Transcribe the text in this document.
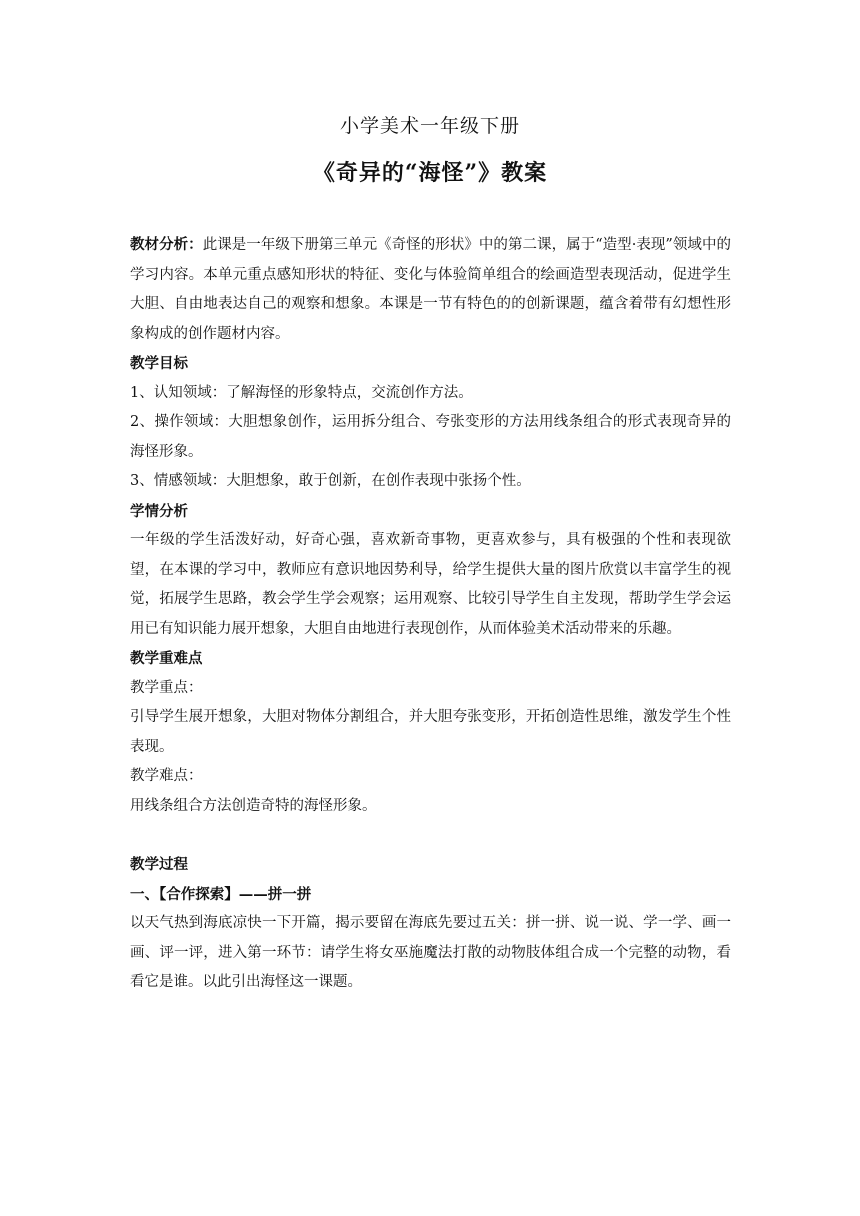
小学美术一年级下册
《奇异的“海怪”》教案

教材分析：此课是一年级下册第三单元《奇怪的形状》中的第二课，属于“造型·表现”领域中的学习内容。本单元重点感知形状的特征、变化与体验简单组合的绘画造型表现活动，促进学生大胆、自由地表达自己的观察和想象。本课是一节有特色的的创新课题，蕴含着带有幻想性形象构成的创作题材内容。

教学目标

1、认知领域：了解海怪的形象特点，交流创作方法。

2、操作领域：大胆想象创作，运用拆分组合、夸张变形的方法用线条组合的形式表现奇异的海怪形象。

3、情感领域：大胆想象，敢于创新，在创作表现中张扬个性。

学情分析

一年级的学生活泼好动，好奇心强，喜欢新奇事物，更喜欢参与，具有极强的个性和表现欲望，在本课的学习中，教师应有意识地因势利导，给学生提供大量的图片欣赏以丰富学生的视觉，拓展学生思路，教会学生学会观察；运用观察、比较引导学生自主发现，帮助学生学会运用已有知识能力展开想象，大胆自由地进行表现创作，从而体验美术活动带来的乐趣。

教学重难点

教学重点：

引导学生展开想象，大胆对物体分割组合，并大胆夸张变形，开拓创造性思维，激发学生个性表现。

教学难点：

用线条组合方法创造奇特的海怪形象。

教学过程

一、【合作探索】——拼一拼

以天气热到海底凉快一下开篇，揭示要留在海底先要过五关：拼一拼、说一说、学一学、画一画、评一评，进入第一环节：请学生将女巫施魔法打散的动物肢体组合成一个完整的动物，看看它是谁。以此引出海怪这一课题。
